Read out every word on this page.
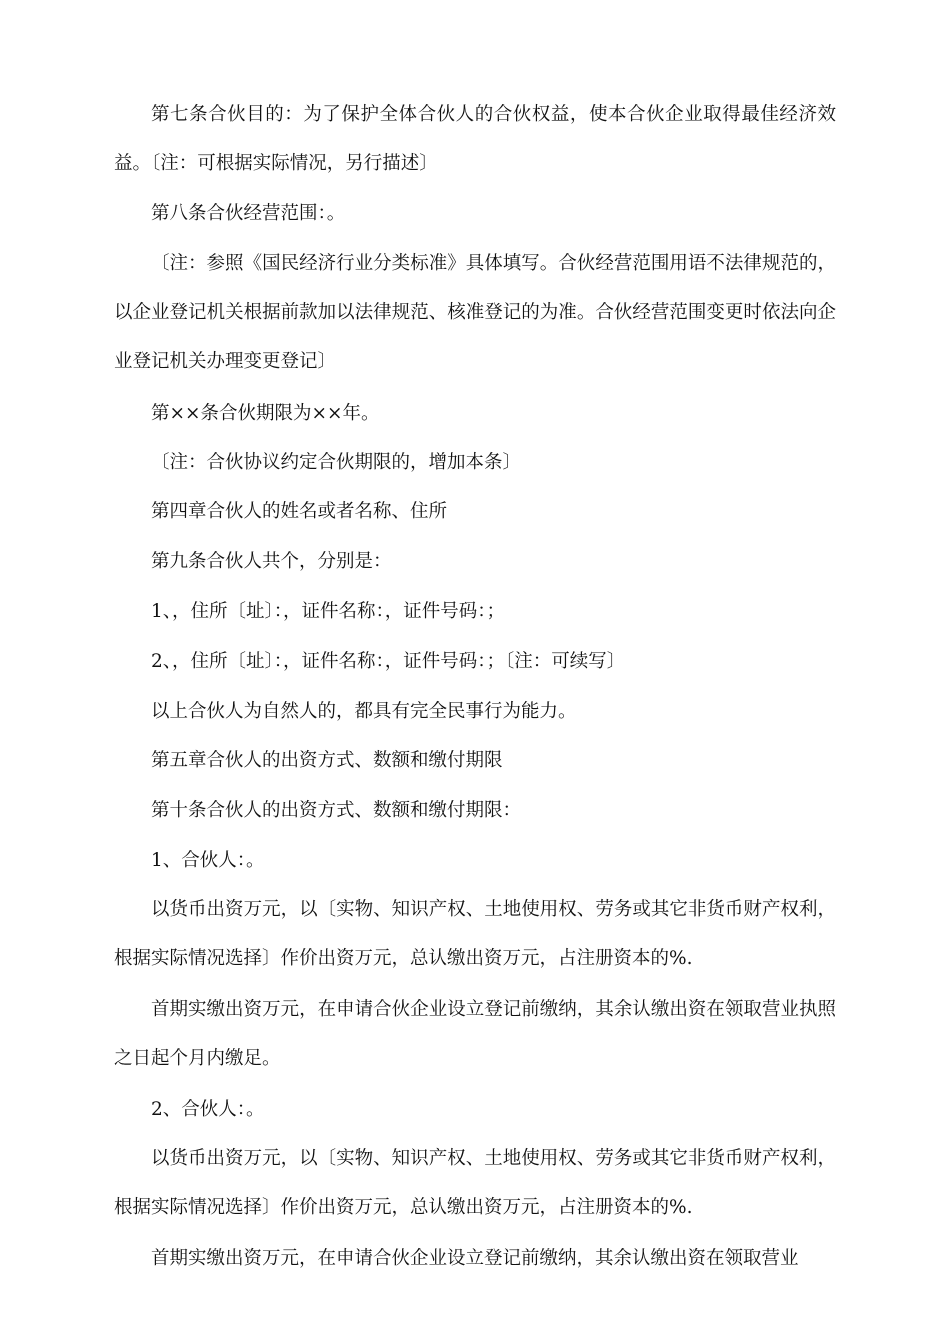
第七条合伙目的：为了保护全体合伙人的合伙权益，使本合伙企业取得最佳经济效益。〔注：可根据实际情况，另行描述〕

第八条合伙经营范围：。

〔注：参照《国民经济行业分类标准》具体填写。合伙经营范围用语不法律规范的，以企业登记机关根据前款加以法律规范、核准登记的为准。合伙经营范围变更时依法向企业登记机关办理变更登记〕

第××条合伙期限为××年。

〔注：合伙协议约定合伙期限的，增加本条〕

第四章合伙人的姓名或者名称、住所

第九条合伙人共个，分别是：

1、，住所〔址〕：，证件名称：，证件号码：；

2、，住所〔址〕：，证件名称：，证件号码：；〔注：可续写〕

以上合伙人为自然人的，都具有完全民事行为能力。

第五章合伙人的出资方式、数额和缴付期限

第十条合伙人的出资方式、数额和缴付期限：

1、合伙人：。

以货币出资万元，以〔实物、知识产权、土地使用权、劳务或其它非货币财产权利，根据实际情况选择〕作价出资万元，总认缴出资万元，占注册资本的%.

首期实缴出资万元，在申请合伙企业设立登记前缴纳，其余认缴出资在领取营业执照之日起个月内缴足。

2、合伙人：。

以货币出资万元，以〔实物、知识产权、土地使用权、劳务或其它非货币财产权利，根据实际情况选择〕作价出资万元，总认缴出资万元，占注册资本的%.

首期实缴出资万元，在申请合伙企业设立登记前缴纳，其余认缴出资在领取营业
